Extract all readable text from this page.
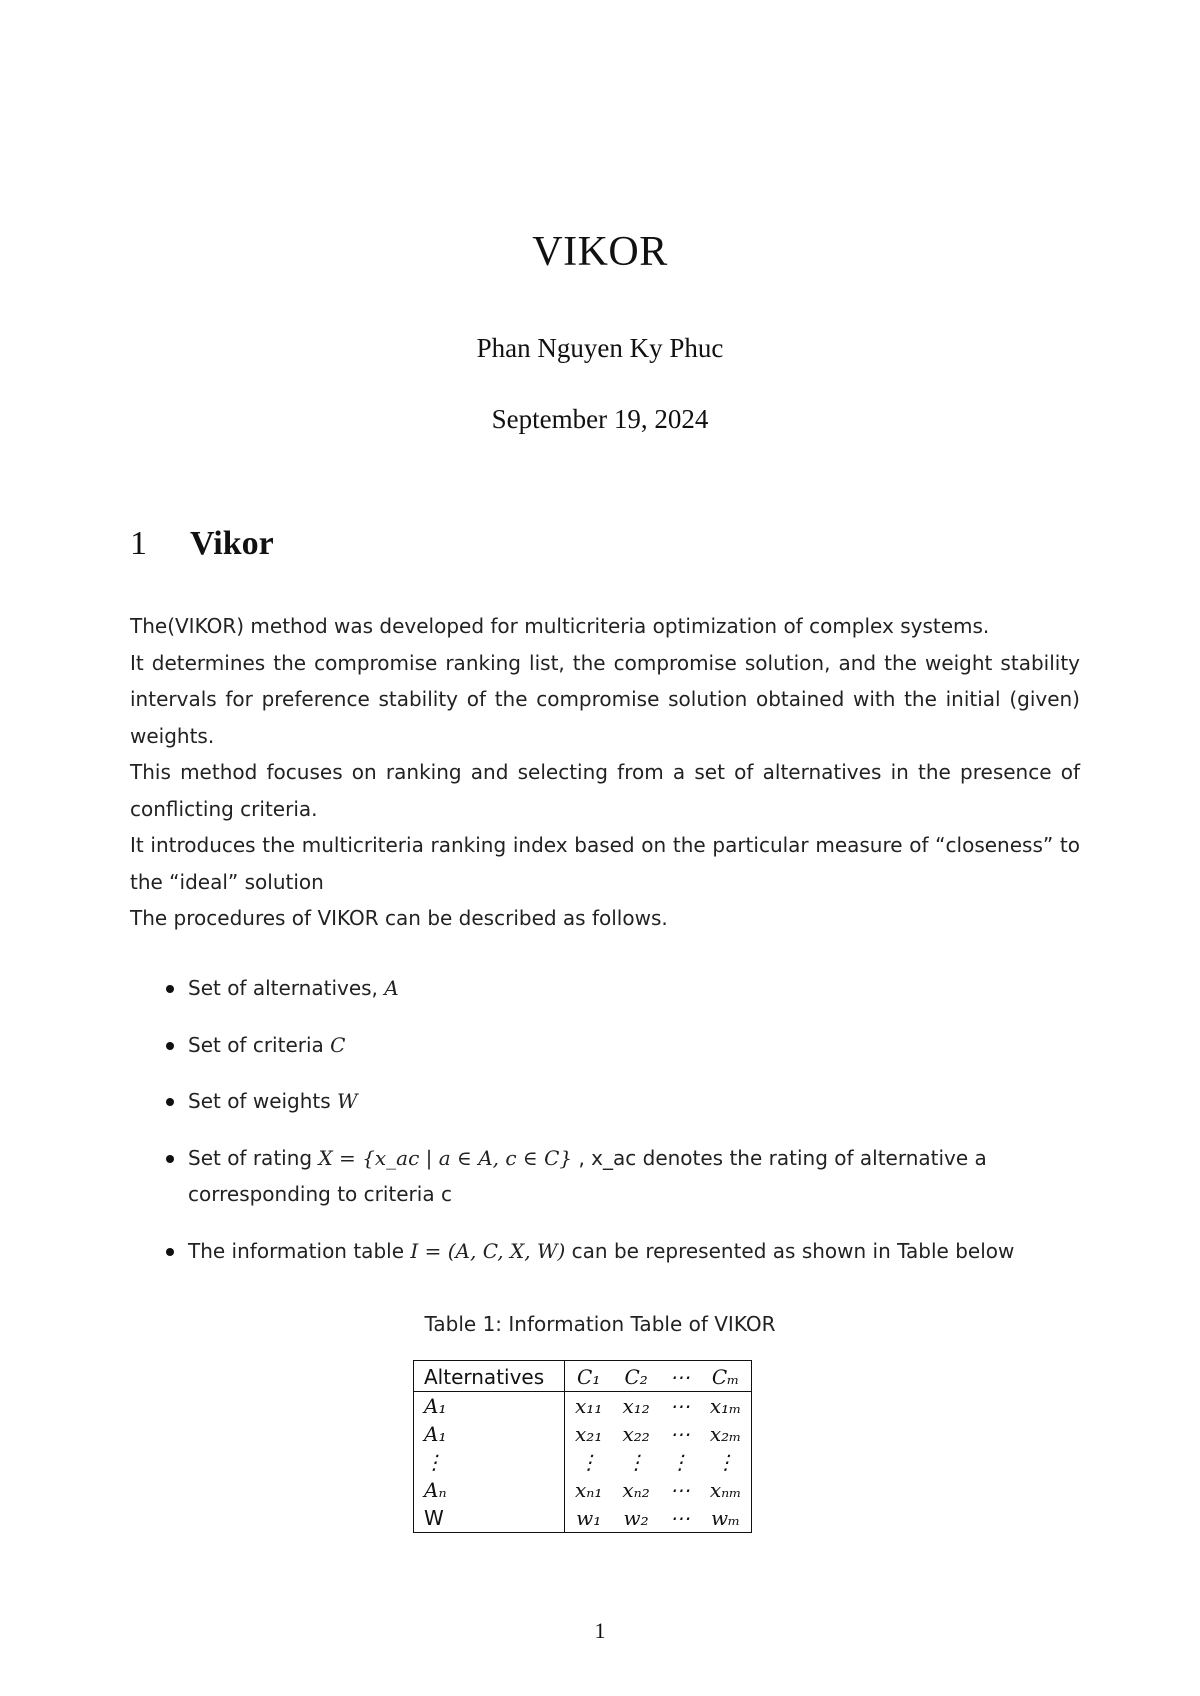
VIKOR
Phan Nguyen Ky Phuc
September 19, 2024
1 Vikor

The(VIKOR) method was developed for multicriteria optimization of complex systems.

It determines the compromise ranking list, the compromise solution, and the weight stability intervals for preference stability of the compromise solution obtained with the initial (given) weights.

This method focuses on ranking and selecting from a set of alternatives in the presence of conflicting criteria.

It introduces the multicriteria ranking index based on the particular measure of “closeness” to the “ideal” solution

The procedures of VIKOR can be described as follows.

Set of alternatives, A
Set of criteria C
Set of weights W
Set of rating X = {x_ac | a ∈ A, c ∈ C} , x_ac denotes the rating of alternative a corresponding to criteria c
The information table I = (A, C, X, W) can be represented as shown in Table below
Table 1: Information Table of VIKOR
Alternatives	C₁	C₂	⋯	Cₘ
A₁	x₁₁	x₁₂	⋯	x₁ₘ
A₁	x₂₁	x₂₂	⋯	x₂ₘ
⋮	⋮	⋮	⋮	⋮
Aₙ	xₙ₁	xₙ₂	⋯	xₙₘ
W	w₁	w₂	⋯	wₘ
1
